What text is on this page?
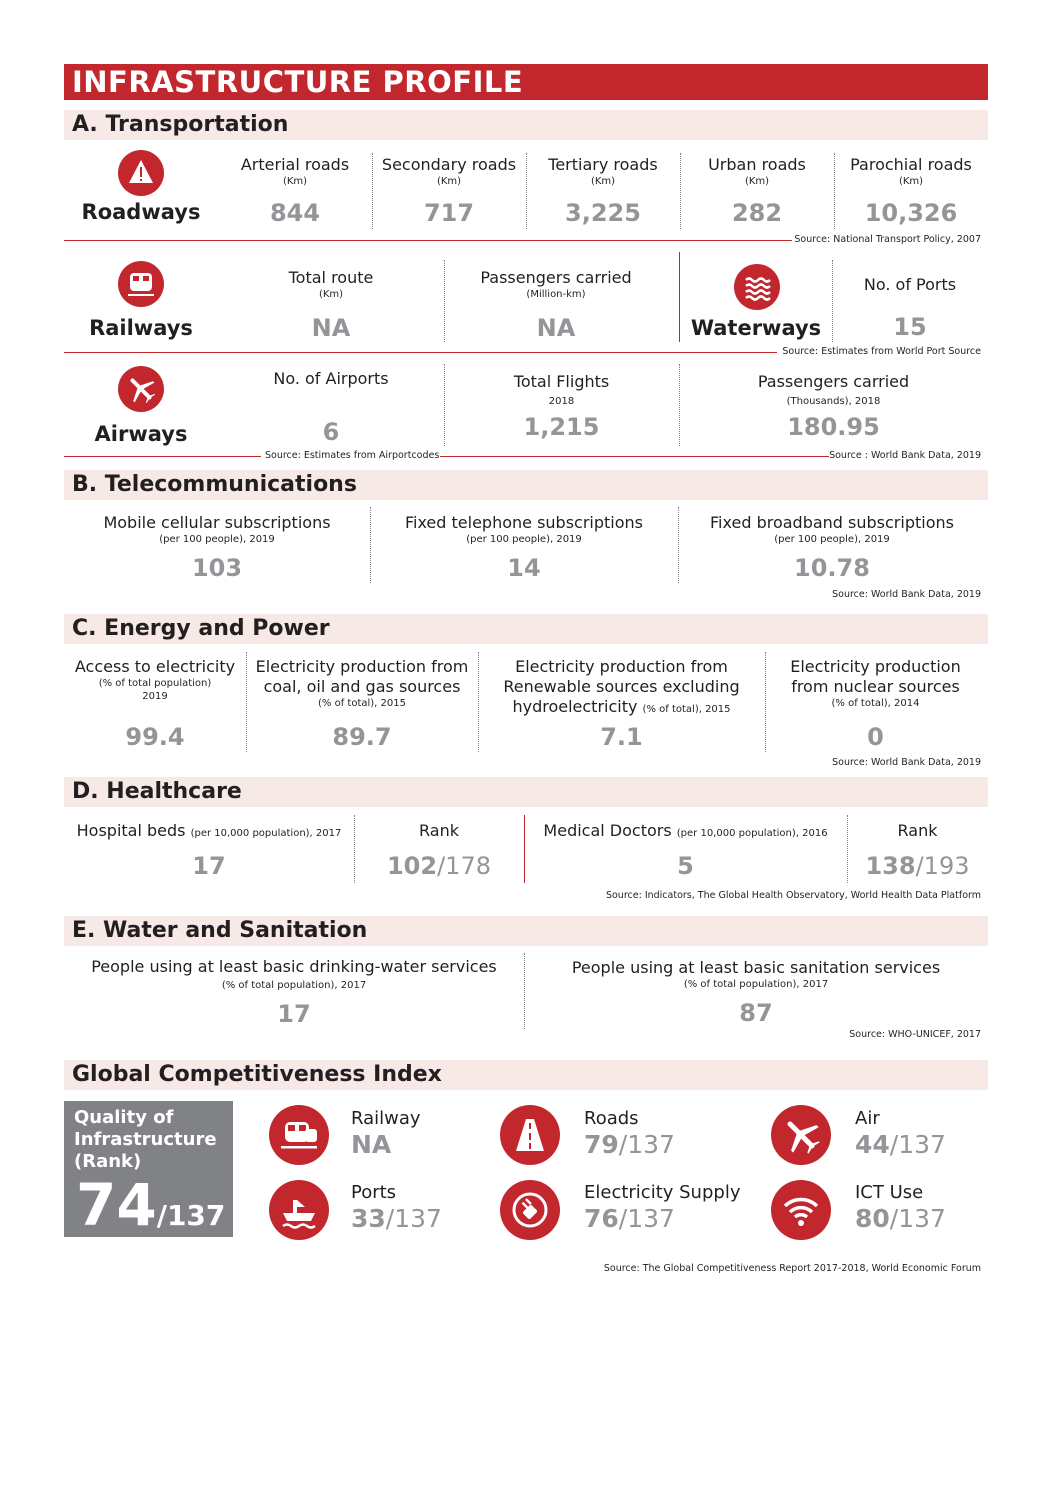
INFRASTRUCTURE PROFILE
A. Transportation
Roadways
Arterial roads
(Km)
844
Secondary roads
(Km)
717
Tertiary roads
(Km)
3,225
Urban roads
(Km)
282
Parochial roads
(Km)
10,326
Source: National Transport Policy, 2007
Railways
Total route
(Km)
NA
Passengers carried
(Million-km)
NA	Waterways
No. of Ports
15
Source: Estimates from World Port Source
Airways
No. of Airports
6
Total Flights
2018
1,215
Passengers carried
(Thousands), 2018
180.95
Source: Estimates from Airportcodes	Source : World Bank Data, 2019
B. Telecommunications
Mobile cellular subscriptions
(per 100 people), 2019
103
Fixed telephone subscriptions
(per 100 people), 2019
14
Fixed broadband subscriptions
(per 100 people), 2019
10.78
Source: World Bank Data, 2019
C. Energy and Power
Access to electricity
(% of total population)
2019
99.4
Electricity production from
coal, oil and gas sources
(% of total), 2015
89.7
Electricity production from
Renewable sources excluding
hydroelectricity (% of total), 2015
7.1
Electricity production
from nuclear sources
(% of total), 2014
0
Source: World Bank Data, 2019
D. Healthcare
Hospital beds (per 10,000 population), 2017
17
Rank
102/178
Medical Doctors (per 10,000 population), 2016
5
Rank
138/193
Source: Indicators, The Global Health Observatory, World Health Data Platform
E. Water and Sanitation
People using at least basic drinking-water services
(% of total population), 2017
17
People using at least basic sanitation services
(% of total population), 2017
87
Source: WHO-UNICEF, 2017
Global Competitiveness Index
Quality of
Infrastructure
(Rank)
74/137
Railway
NA
Roads
79/137
Air
44/137
Ports
33/137
Electricity Supply
76/137
ICT Use
80/137
Source: The Global Competitiveness Report 2017-2018, World Economic Forum
